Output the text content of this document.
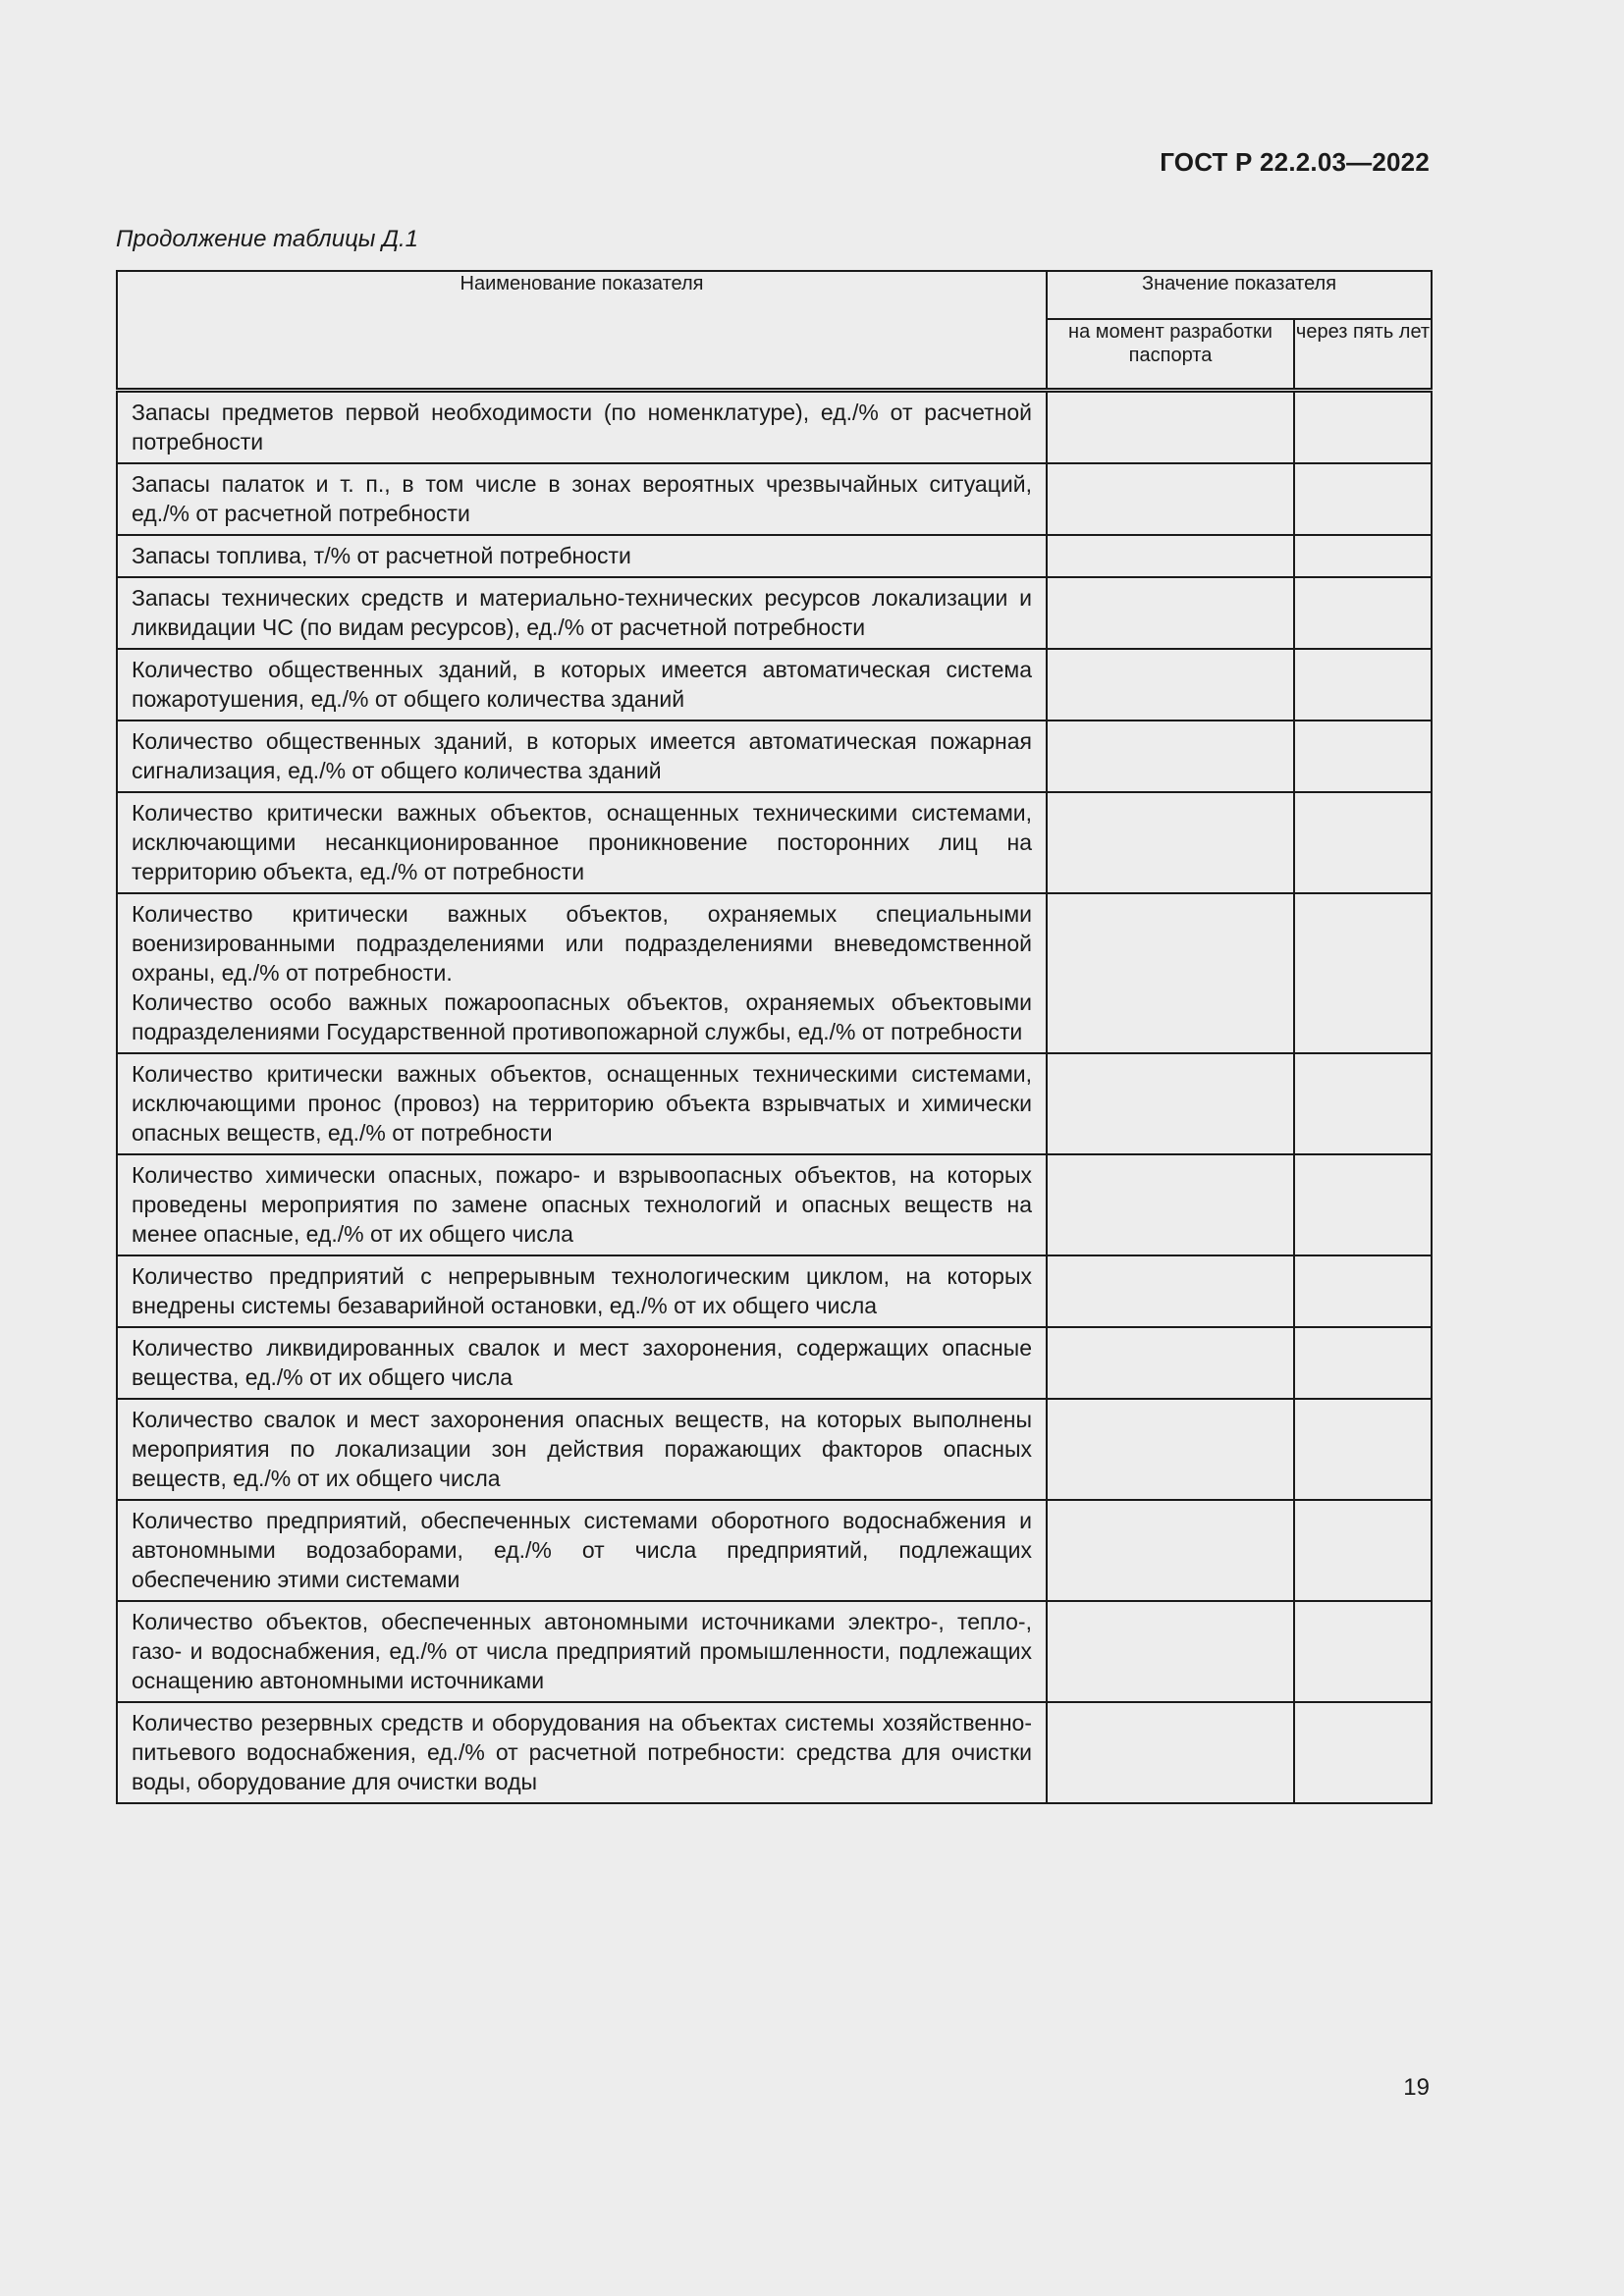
ГОСТ Р 22.2.03—2022
Продолжение таблицы Д.1
Наименование показателя	Значение показателя	
	на момент разработки паспорта	через пять лет

Запасы предметов первой необходимости (по номенклатуре), ед./% от расчетной потребности		

Запасы палаток и т. п., в том числе в зонах вероятных чрезвычайных ситуаций, ед./% от расчетной потребности		

Запасы топлива, т/% от расчетной потребности		

Запасы технических средств и материально-технических ресурсов локализации и ликвидации ЧС (по видам ресурсов), ед./% от расчетной потребности		

Количество общественных зданий, в которых имеется автоматическая система пожаротушения, ед./% от общего количества зданий		

Количество общественных зданий, в которых имеется автоматическая пожарная сигнализация, ед./% от общего количества зданий		

Количество критически важных объектов, оснащенных техническими системами, исключающими несанкционированное проникновение посторонних лиц на территорию объекта, ед./% от потребности		

Количество критически важных объектов, охраняемых специальными военизированными подразделениями или подразделениями вневедомственной охраны, ед./% от потребности.
Количество особо важных пожароопасных объектов, охраняемых объектовыми подразделениями Государственной противопожарной службы, ед./% от потребности		

Количество критически важных объектов, оснащенных техническими системами, исключающими пронос (провоз) на территорию объекта взрывчатых и химически опасных веществ, ед./% от потребности		

Количество химически опасных, пожаро- и взрывоопасных объектов, на которых проведены мероприятия по замене опасных технологий и опасных веществ на менее опасные, ед./% от их общего числа		

Количество предприятий с непрерывным технологическим циклом, на которых внедрены системы безаварийной остановки, ед./% от их общего числа		

Количество ликвидированных свалок и мест захоронения, содержащих опасные вещества, ед./% от их общего числа		

Количество свалок и мест захоронения опасных веществ, на которых выполнены мероприятия по локализации зон действия поражающих факторов опасных веществ, ед./% от их общего числа		

Количество предприятий, обеспеченных системами оборотного водоснабжения и автономными водозаборами, ед./% от числа предприятий, подлежащих обеспечению этими системами		

Количество объектов, обеспеченных автономными источниками электро-, тепло-, газо- и водоснабжения, ед./% от числа предприятий промышленности, подлежащих оснащению автономными источниками		

Количество резервных средств и оборудования на объектах системы хозяйственно-питьевого водоснабжения, ед./% от расчетной потребности: средства для очистки воды, оборудование для очистки воды		

19
